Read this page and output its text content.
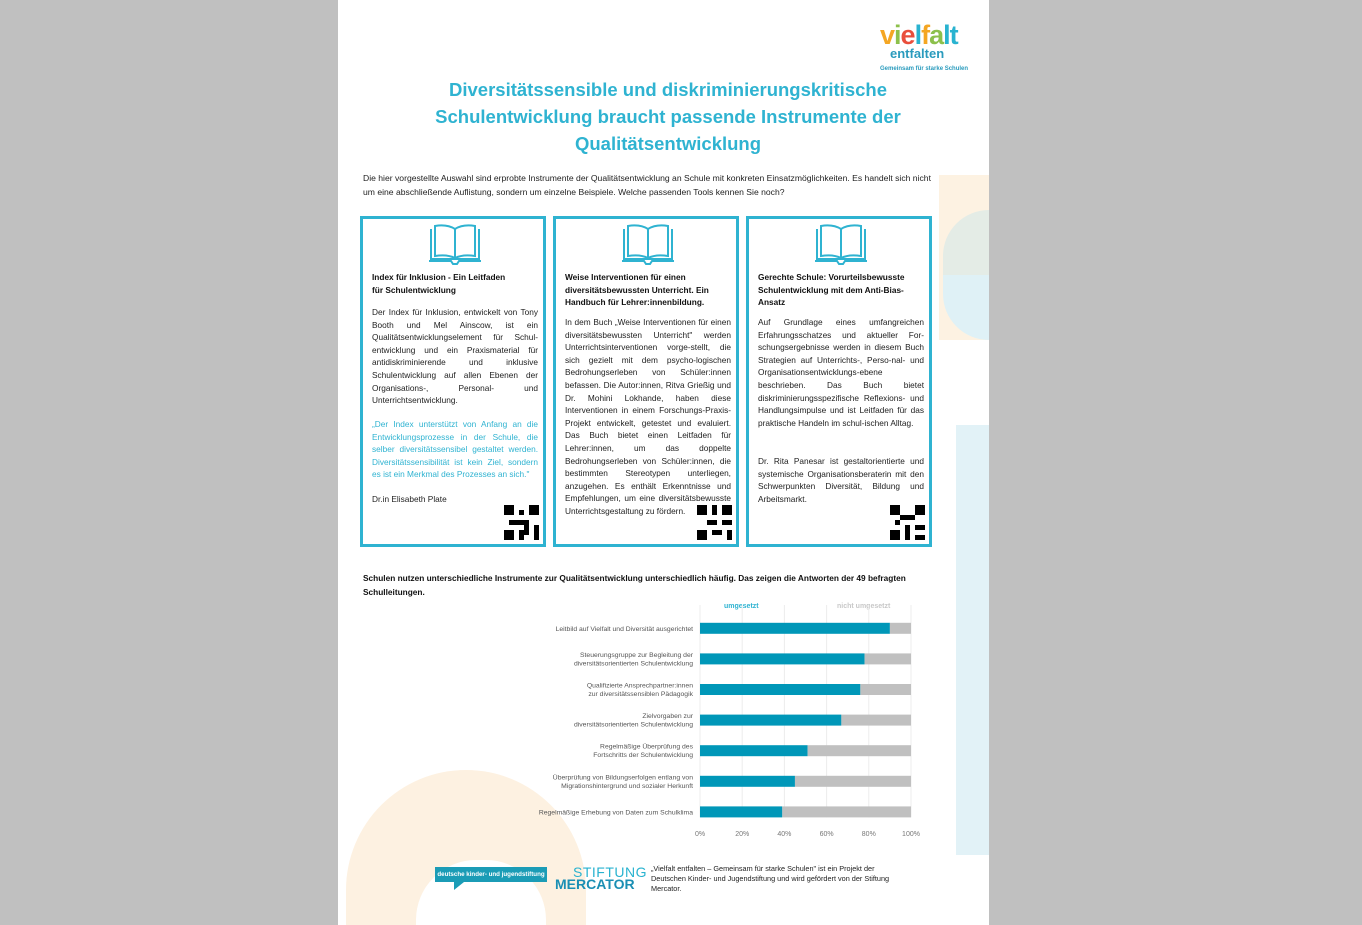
vielfalt
entfalten
Gemeinsam für starke Schulen
Diversitätssensible und diskriminierungskritische Schulentwicklung braucht passende Instrumente der Qualitätsentwicklung
Die hier vorgestellte Auswahl sind erprobte Instrumente der Qualitätsentwicklung an Schule mit konkreten Einsatzmöglichkeiten. Es handelt sich nicht um eine abschließende Auflistung, sondern um einzelne Beispiele. Welche passenden Tools kennen Sie noch?
Index für Inklusion - Ein Leitfaden für Schulentwicklung
Der Index für Inklusion, entwickelt von Tony Booth und Mel Ainscow, ist ein Qualitätsentwicklungselement für Schul-entwicklung und ein Praxismaterial für antidiskriminierende und inklusive Schulentwicklung auf allen Ebenen der Organisations-, Personal- und Unterrichtsentwicklung.
„Der Index unterstützt von Anfang an die Entwicklungsprozesse in der Schule, die selber diversitätssensibel gestaltet werden. Diversitätssensibilität ist kein Ziel, sondern es ist ein Merkmal des Prozesses an sich."
Dr.in Elisabeth Plate
Weise Interventionen für einen diversitätsbewussten Unterricht. Ein Handbuch für Lehrer:innenbildung.
In dem Buch „Weise Interventionen für einen diversitätsbewussten Unterricht" werden Unterrichtsinterventionen vorge-stellt, die sich gezielt mit dem psycho-logischen Bedrohungserleben von Schüler:innen befassen. Die Autor:innen, Ritva Grießig und Dr. Mohini Lokhande, haben diese Interventionen in einem Forschungs-Praxis-Projekt entwickelt, getestet und evaluiert. Das Buch bietet einen Leitfaden für Lehrer:innen, um das doppelte Bedrohungserleben von Schüler:innen, die bestimmten Stereotypen unterliegen, anzugehen. Es enthält Erkenntnisse und Empfehlungen, um eine diversitätsbewusste Unterrichtsgestaltung zu fördern.
Gerechte Schule: Vorurteilsbewusste Schulentwicklung mit dem Anti-Bias-Ansatz
Auf Grundlage eines umfangreichen Erfahrungsschatzes und aktueller For-schungsergebnisse werden in diesem Buch Strategien auf Unterrichts-, Perso-nal- und Organisationsentwicklungs-ebene beschrieben. Das Buch bietet diskriminierungsspezifische Reflexions- und Handlungsimpulse und ist Leitfaden für das praktische Handeln im schul-ischen Alltag.
Dr. Rita Panesar ist gestaltorientierte und systemische Organisationsberaterin mit den Schwerpunkten Diversität, Bildung und Arbeitsmarkt.
Schulen nutzen unterschiedliche Instrumente zur Qualitätsentwicklung unterschiedlich häufig. Das zeigen die Antworten der 49 befragten Schulleitungen.
umgesetzt	nicht umgesetzt
0%	20%	40%	60%	80%	100%
Leitbild auf Vielfalt und Diversität ausgerichtet
Steuerungsgruppe zur Begleitung der diversitätsorientierten Schulentwicklung
Qualifizierte Ansprechpartner:innen zur diversitätssensiblen Pädagogik
Zielvorgaben zur diversitätsorientierten Schulentwicklung
Regelmäßige Überprüfung des Fortschritts der Schulentwicklung
Überprüfung von Bildungserfolgen entlang von Migrationshintergrund und sozialer Herkunft
Regelmäßige Erhebung von Daten zum Schulklima
deutsche kinder- und jugendstiftung STIFTUNG
MERCATOR
„Vielfalt entfalten – Gemeinsam für starke Schulen" ist ein Projekt der Deutschen Kinder- und Jugendstiftung und wird gefördert von der Stiftung Mercator.
